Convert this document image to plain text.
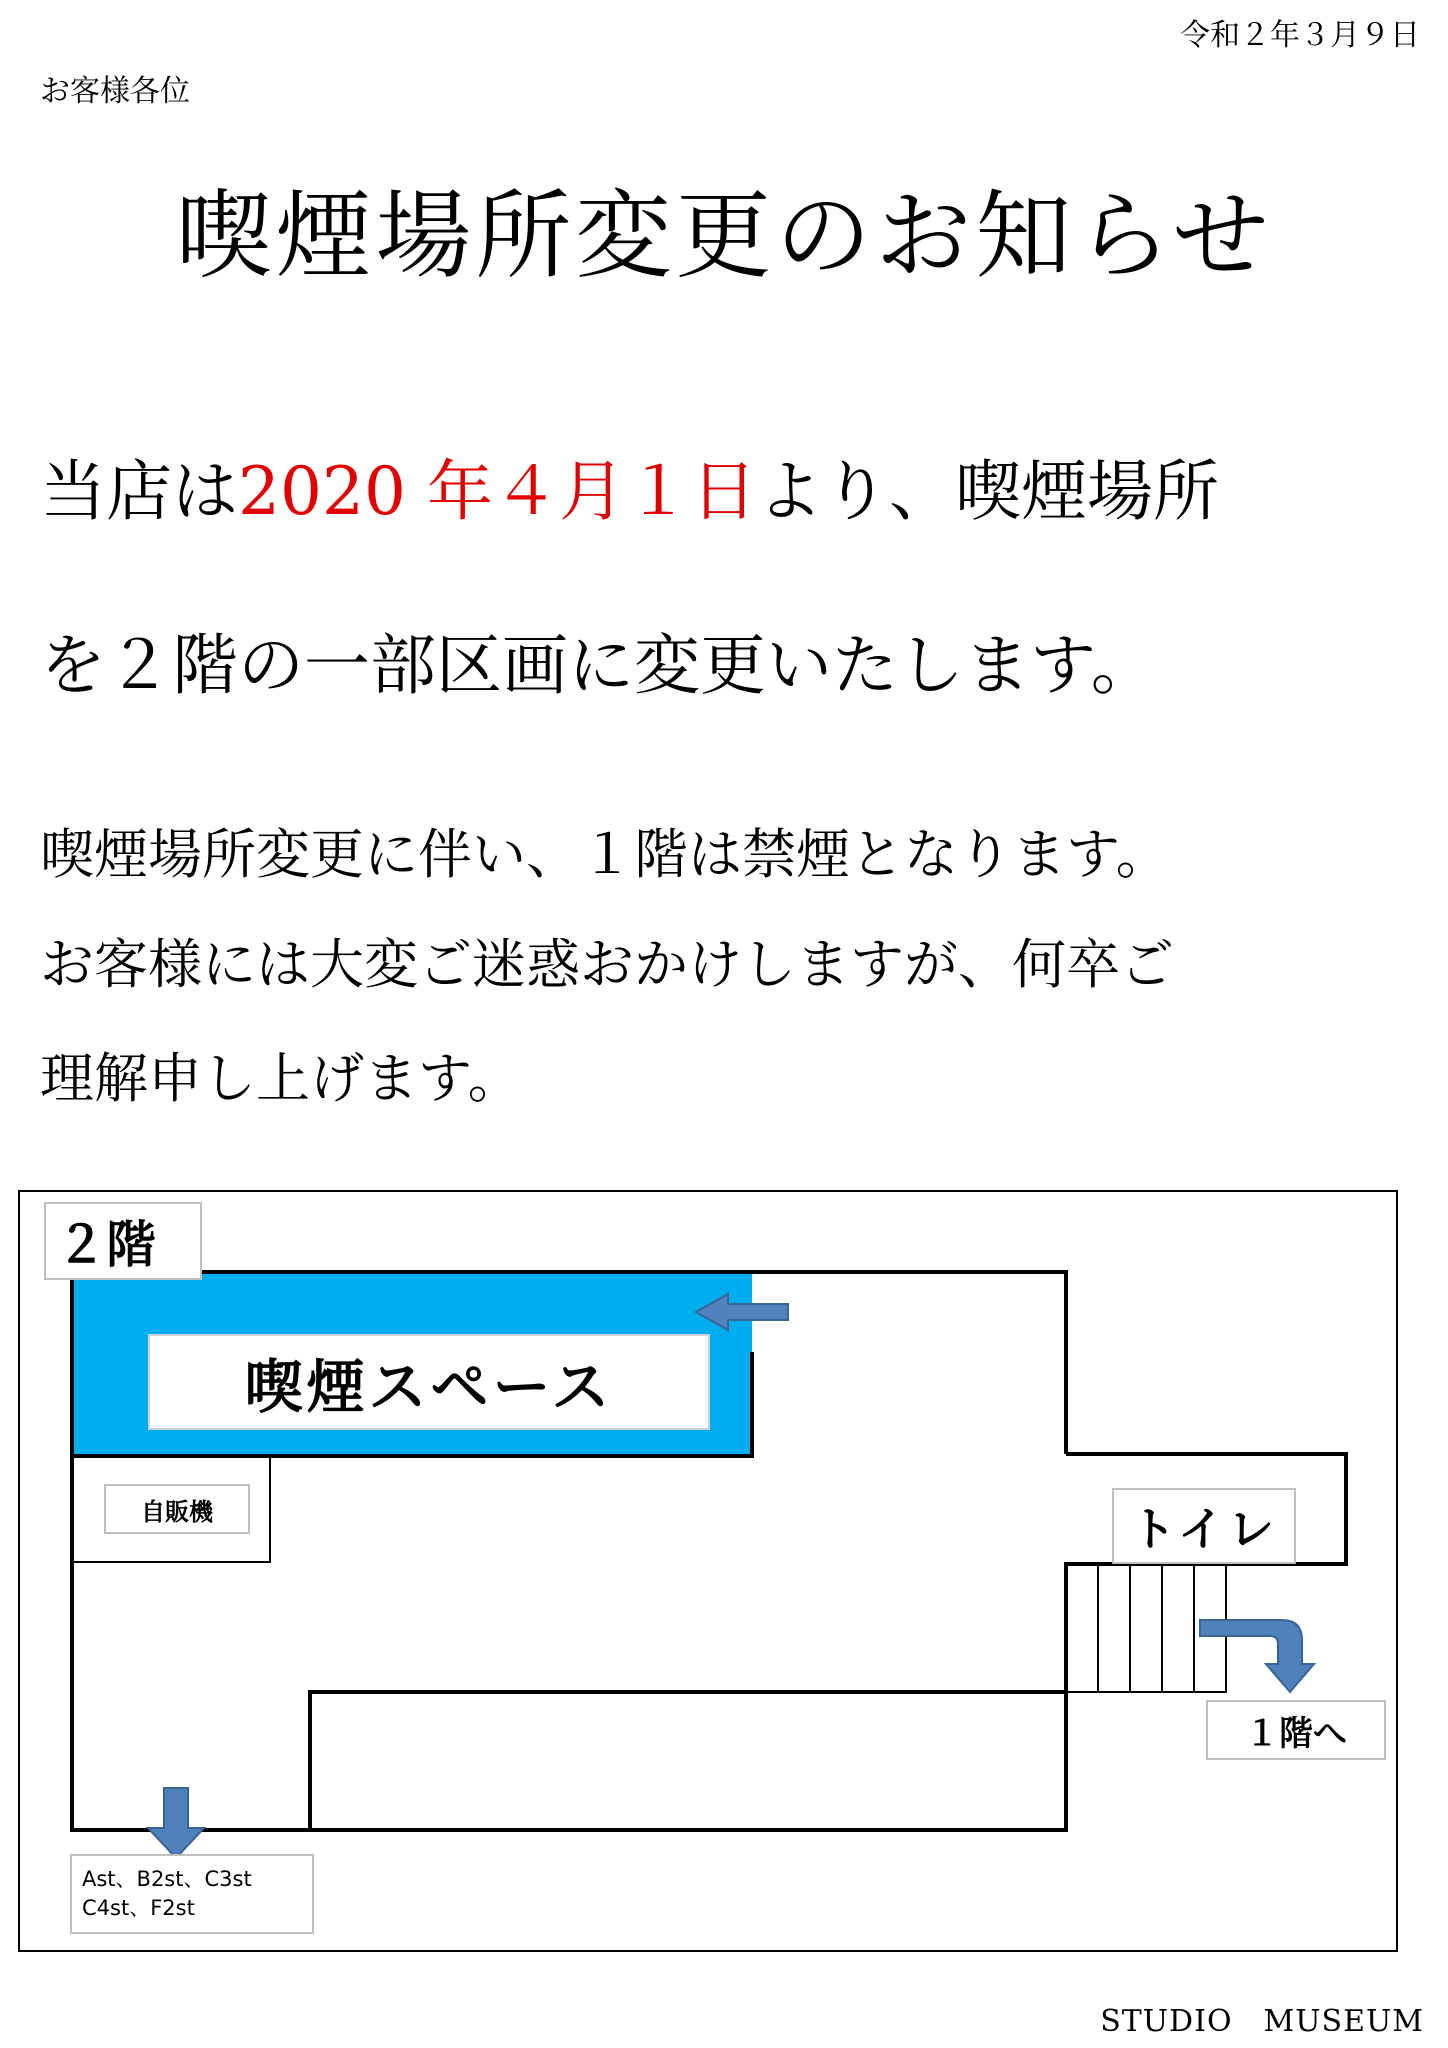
令和２年３月９日
お客様各位
喫煙場所変更のお知らせ
当店は2020 年４月１日より、喫煙場所
を２階の一部区画に変更いたします。
喫煙場所変更に伴い、１階は禁煙となります。
お客様には大変ご迷惑おかけしますが、何卒ご
理解申し上げます。
２階
喫煙スペース
自販機	トイレ
１階へ
Ast、B2st、C3st
C4st、F2st
STUDIO　MUSEUM
